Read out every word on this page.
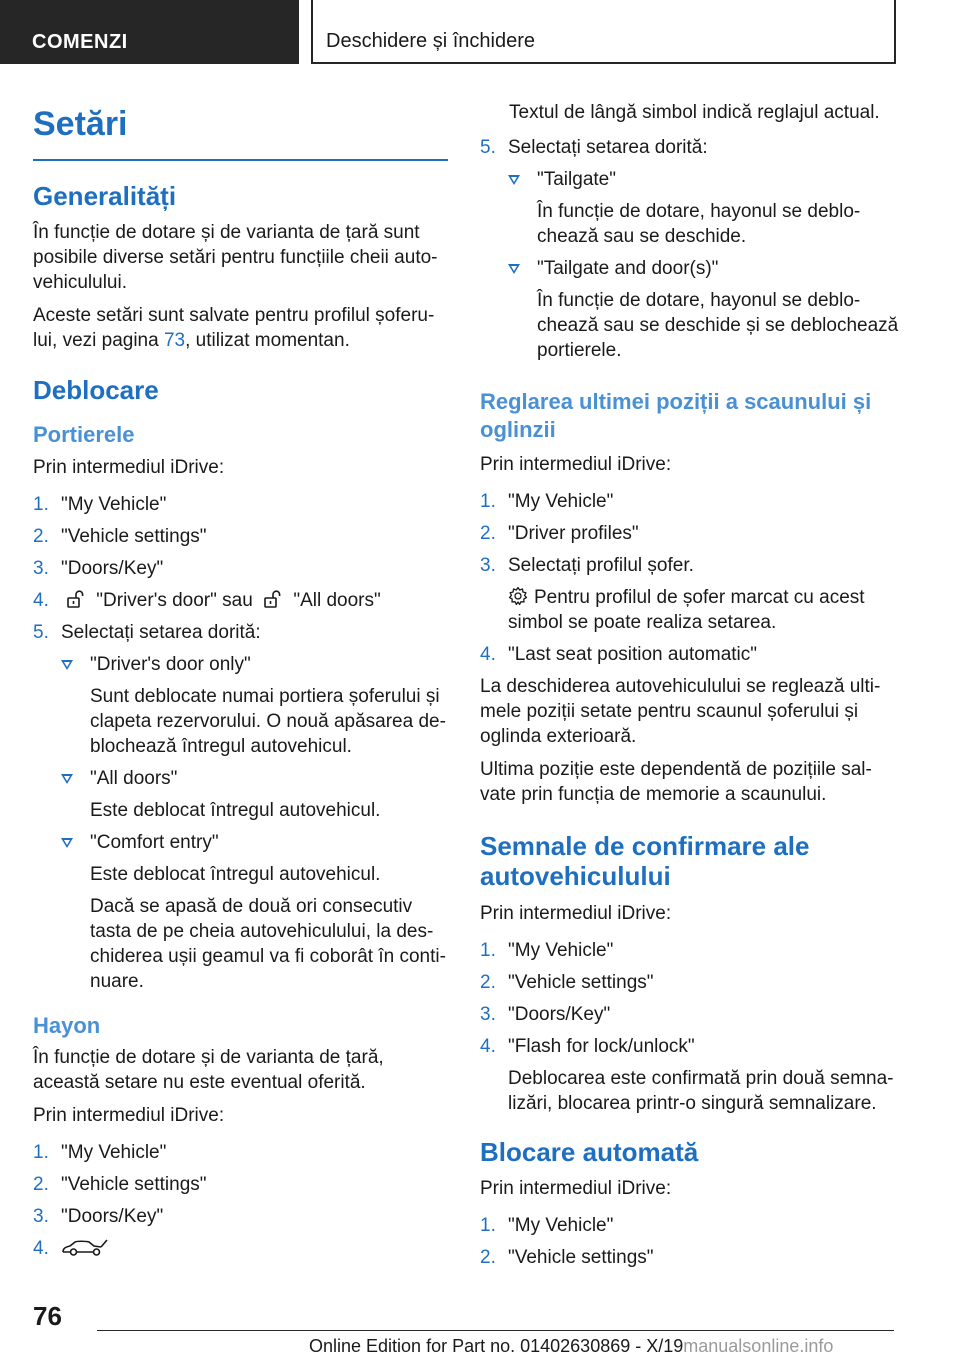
COMENZI	Deschidere și închidere
Setări
Generalități

În funcție de dotare și de varianta de țară sunt posibile diverse setări pentru funcțiile cheii autovehiculului.

Aceste setări sunt salvate pentru profilul șoferului, vezi pagina 73, utilizat momentan.

Deblocare
Portierele

Prin intermediul iDrive:

1. "My Vehicle"
2. "Vehicle settings"
3. "Doors/Key"
4. "Driver's door" sau "All doors"
5. Selectați setarea dorită:
"Driver's door only"
Sunt deblocate numai portiera șoferului și clapeta rezervorului. O nouă apăsarea deblochează întregul autovehicul.
"All doors"
Este deblocat întregul autovehicul.
"Comfort entry"
Este deblocat întregul autovehicul.
Dacă se apasă de două ori consecutiv tasta de pe cheia autovehiculului, la deschiderea ușii geamul va fi coborât în continuare.
Hayon

În funcție de dotare și de varianta de țară, această setare nu este eventual oferită.

Prin intermediul iDrive:

1. "My Vehicle"
2. "Vehicle settings"
3. "Doors/Key"
4.

Textul de lângă simbol indică reglajul actual.

5. Selectați setarea dorită:
"Tailgate"
În funcție de dotare, hayonul se deblochează sau se deschide.
"Tailgate and door(s)"
În funcție de dotare, hayonul se deblochează sau se deschide și se deblochează portierele.
Reglarea ultimei poziții a scaunului și oglinzii

Prin intermediul iDrive:

1. "My Vehicle"
2. "Driver profiles"
3. Selectați profilul șofer.
Pentru profilul de șofer marcat cu acest simbol se poate realiza setarea.
4. "Last seat position automatic"

La deschiderea autovehiculului se reglează ultimele poziții setate pentru scaunul șoferului și oglinda exterioară.

Ultima poziție este dependentă de pozițiile salvate prin funcția de memorie a scaunului.

Semnale de confirmare ale autovehiculului

Prin intermediul iDrive:

1. "My Vehicle"
2. "Vehicle settings"
3. "Doors/Key"
4. "Flash for lock/unlock"
Deblocarea este confirmată prin două semnalizări, blocarea printr-o singură semnalizare.
Blocare automată

Prin intermediul iDrive:

1. "My Vehicle"
2. "Vehicle settings"
76
Online Edition for Part no. 01402630869 - X/19manualsonline.info
